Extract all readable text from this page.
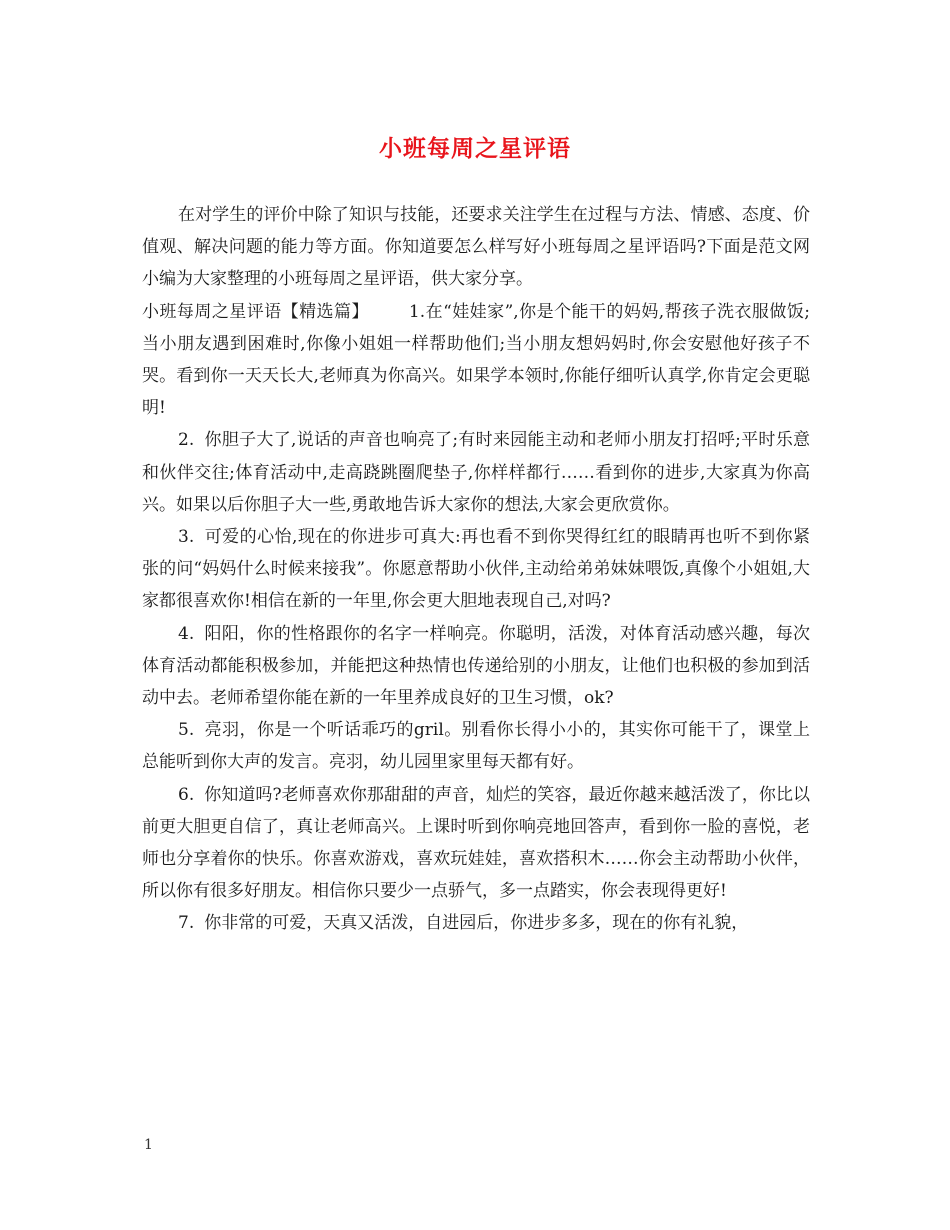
小班每周之星评语

在对学生的评价中除了知识与技能，还要求关注学生在过程与方法、情感、态度、价值观、解决问题的能力等方面。你知道要怎么样写好小班每周之星评语吗?下面是范文网小编为大家整理的小班每周之星评语，供大家分享。

小班每周之星评语【精选篇】 1.在“娃娃家”,你是个能干的妈妈,帮孩子洗衣服做饭;当小朋友遇到困难时,你像小姐姐一样帮助他们;当小朋友想妈妈时,你会安慰他好孩子不哭。看到你一天天长大,老师真为你高兴。如果学本领时,你能仔细听认真学,你肯定会更聪明!

2. 你胆子大了,说话的声音也响亮了;有时来园能主动和老师小朋友打招呼;平时乐意和伙伴交往;体育活动中,走高跷跳圈爬垫子,你样样都行……看到你的进步,大家真为你高兴。如果以后你胆子大一些,勇敢地告诉大家你的想法,大家会更欣赏你。

3. 可爱的心怡,现在的你进步可真大:再也看不到你哭得红红的眼睛再也听不到你紧张的问“妈妈什么时候来接我”。你愿意帮助小伙伴,主动给弟弟妹妹喂饭,真像个小姐姐,大家都很喜欢你!相信在新的一年里,你会更大胆地表现自己,对吗?

4. 阳阳，你的性格跟你的名字一样响亮。你聪明，活泼，对体育活动感兴趣，每次体育活动都能积极参加，并能把这种热情也传递给别的小朋友，让他们也积极的参加到活动中去。老师希望你能在新的一年里养成良好的卫生习惯，ok?

5. 亮羽，你是一个听话乖巧的gril。别看你长得小小的，其实你可能干了，课堂上总能听到你大声的发言。亮羽，幼儿园里家里每天都有好。

6. 你知道吗?老师喜欢你那甜甜的声音，灿烂的笑容，最近你越来越活泼了，你比以前更大胆更自信了，真让老师高兴。上课时听到你响亮地回答声，看到你一脸的喜悦，老师也分享着你的快乐。你喜欢游戏，喜欢玩娃娃，喜欢搭积木……你会主动帮助小伙伴，所以你有很多好朋友。相信你只要少一点骄气，多一点踏实，你会表现得更好!

7. 你非常的可爱，天真又活泼，自进园后，你进步多多，现在的你有礼貌，

1
